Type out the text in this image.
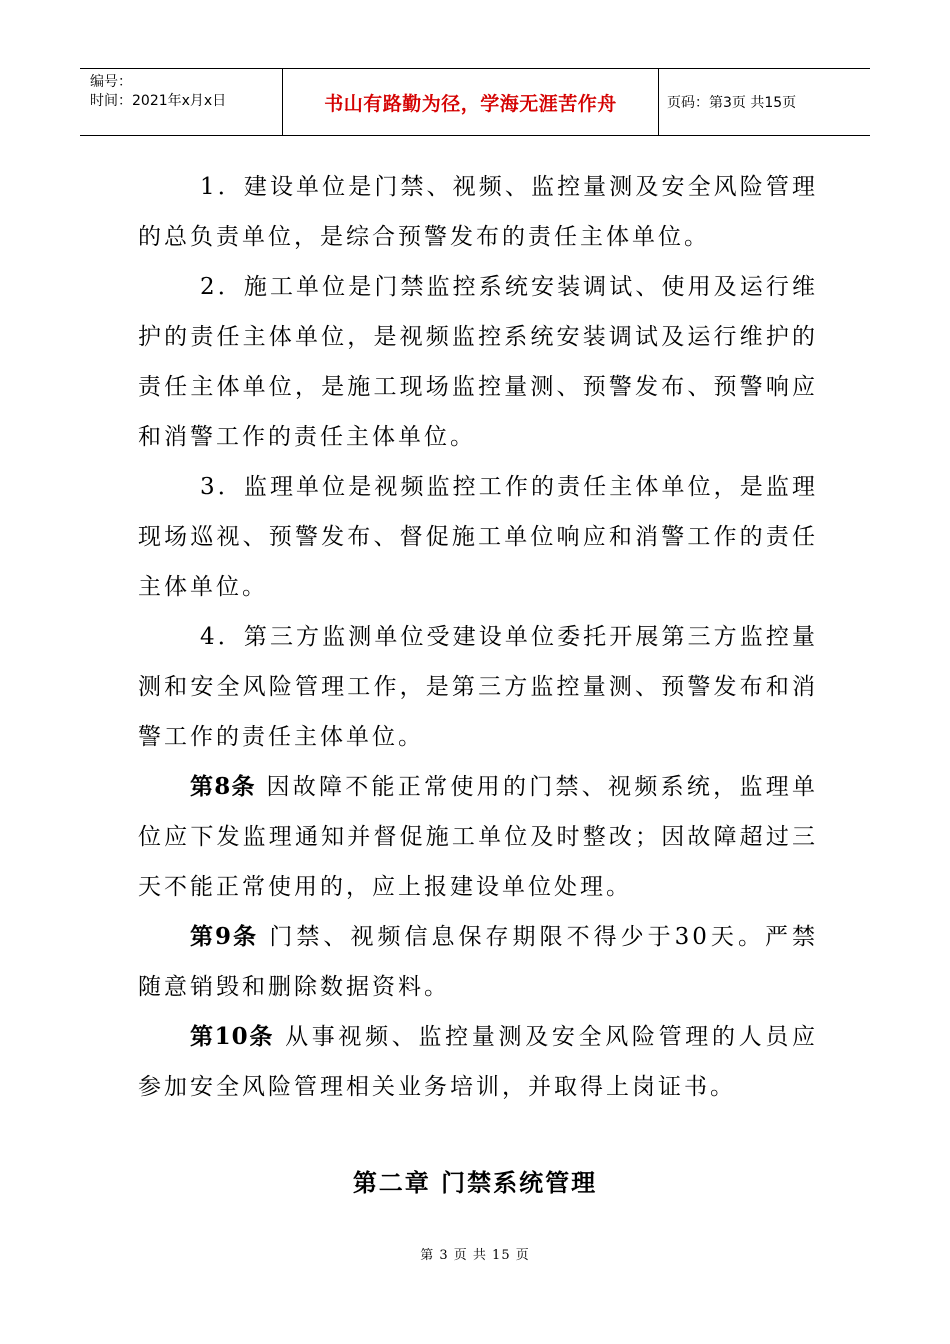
编号：
时间：2021年x月x日	书山有路勤为径，学海无涯苦作舟	页码：第3页 共15页

1．建设单位是门禁、视频、监控量测及安全风险管理的总负责单位，是综合预警发布的责任主体单位。

2．施工单位是门禁监控系统安装调试、使用及运行维护的责任主体单位，是视频监控系统安装调试及运行维护的责任主体单位，是施工现场监控量测、预警发布、预警响应和消警工作的责任主体单位。

3．监理单位是视频监控工作的责任主体单位，是监理现场巡视、预警发布、督促施工单位响应和消警工作的责任主体单位。

4．第三方监测单位受建设单位委托开展第三方监控量测和安全风险管理工作，是第三方监控量测、预警发布和消警工作的责任主体单位。

第8条 因故障不能正常使用的门禁、视频系统，监理单位应下发监理通知并督促施工单位及时整改；因故障超过三天不能正常使用的，应上报建设单位处理。

第9条 门禁、视频信息保存期限不得少于30天。严禁随意销毁和删除数据资料。

第10条 从事视频、监控量测及安全风险管理的人员应参加安全风险管理相关业务培训，并取得上岗证书。

第二章 门禁系统管理
第 3 页 共 15 页
